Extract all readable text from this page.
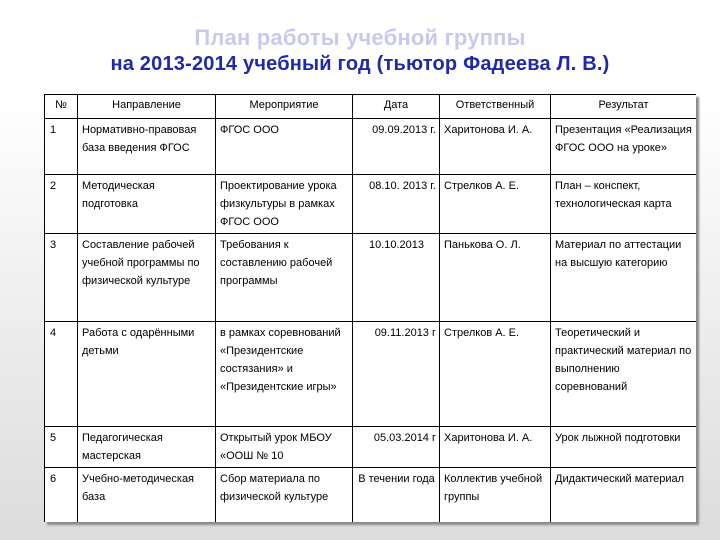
План работы учебной группы
на 2013-2014 учебный год (тьютор Фадеева Л. В.)
№	Направление	Мероприятие	Дата	Ответственный	Результат
1	Нормативно-правовая база введения ФГОС	ФГОС ООО	09.09.2013 г.	Харитонова И. А.	Презентация «Реализация ФГОС ООО на уроке»
2	Методическая подготовка	Проектирование урока физкультуры в рамках ФГОС ООО	08.10. 2013 г.	Стрелков А. Е.	План – конспект, технологическая карта
3	Составление рабочей учебной программы по физической культуре	Требования к составлению рабочей программы	10.10.2013	Панькова О. Л.	Материал по аттестации на высшую категорию
4	Работа с одарёнными детьми	в рамках соревнований «Президентские состязания» и «Президентские игры»	09.11.2013 г	Стрелков А. Е.	Теоретический и практический материал по выполнению соревнований
5	Педагогическая мастерская	Открытый урок МБОУ «ООШ № 10	05.03.2014 г	Харитонова И. А.	Урок лыжной подготовки
6	Учебно-методическая база	Сбор материала по физической культуре	В течении года	Коллектив учебной группы	Дидактический материал
